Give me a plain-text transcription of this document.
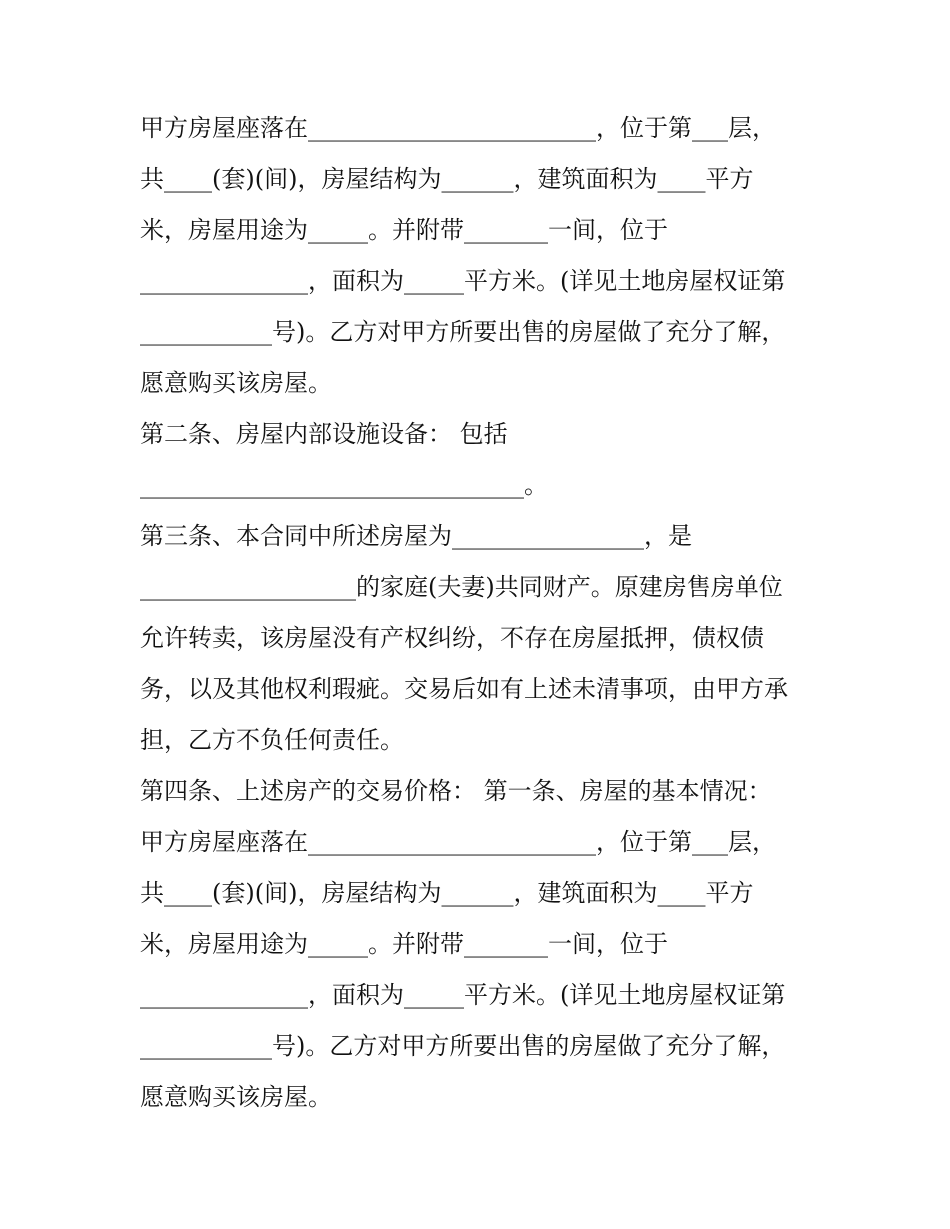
甲方房屋座落在________________________，位于第___层，
共____(套)(间)，房屋结构为______，建筑面积为____平方
米，房屋用途为_____。并附带_______一间，位于
______________，面积为_____平方米。(详见土地房屋权证第
___________号)。乙方对甲方所要出售的房屋做了充分了解，
愿意购买该房屋。
第二条、房屋内部设施设备： 包括
________________________________。
第三条、本合同中所述房屋为________________，是
__________________的家庭(夫妻)共同财产。原建房售房单位
允许转卖，该房屋没有产权纠纷，不存在房屋抵押，债权债
务，以及其他权利瑕疵。交易后如有上述未清事项，由甲方承
担，乙方不负任何责任。
第四条、上述房产的交易价格： 第一条、房屋的基本情况：
甲方房屋座落在________________________，位于第___层，
共____(套)(间)，房屋结构为______，建筑面积为____平方
米，房屋用途为_____。并附带_______一间，位于
______________，面积为_____平方米。(详见土地房屋权证第
___________号)。乙方对甲方所要出售的房屋做了充分了解，
愿意购买该房屋。
